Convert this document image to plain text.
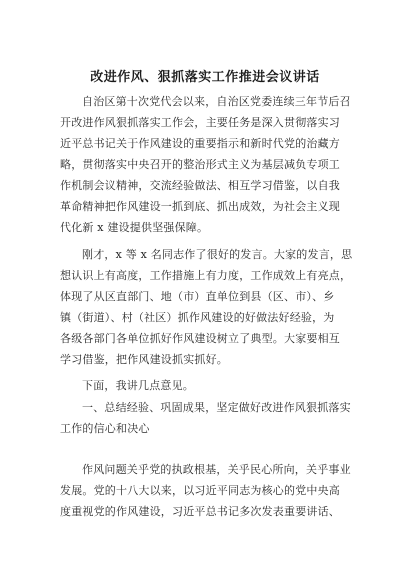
改进作风、狠抓落实工作推进会议讲话
自治区第十次党代会以来，自治区党委连续三年节后召
开改进作风狠抓落实工作会，主要任务是深入贯彻落实习
近平总书记关于作风建设的重要指示和新时代党的治藏方
略，贯彻落实中央召开的整治形式主义为基层减负专项工
作机制会议精神，交流经验做法、相互学习借鉴，以自我
革命精神把作风建设一抓到底、抓出成效，为社会主义现
代化新 x 建设提供坚强保障。
刚才，x 等 x 名同志作了很好的发言。大家的发言，思
想认识上有高度，工作措施上有力度，工作成效上有亮点，
体现了从区直部门、地（市）直单位到县（区、市）、乡
镇（街道）、村（社区）抓作风建设的好做法好经验，为
各级各部门各单位抓好作风建设树立了典型。大家要相互
学习借鉴，把作风建设抓实抓好。
下面，我讲几点意见。
一、总结经验、巩固成果，坚定做好改进作风狠抓落实
工作的信心和决心
作风问题关乎党的执政根基，关乎民心所向，关乎事业
发展。党的十八大以来，以习近平同志为核心的党中央高
度重视党的作风建设，习近平总书记多次发表重要讲话、
